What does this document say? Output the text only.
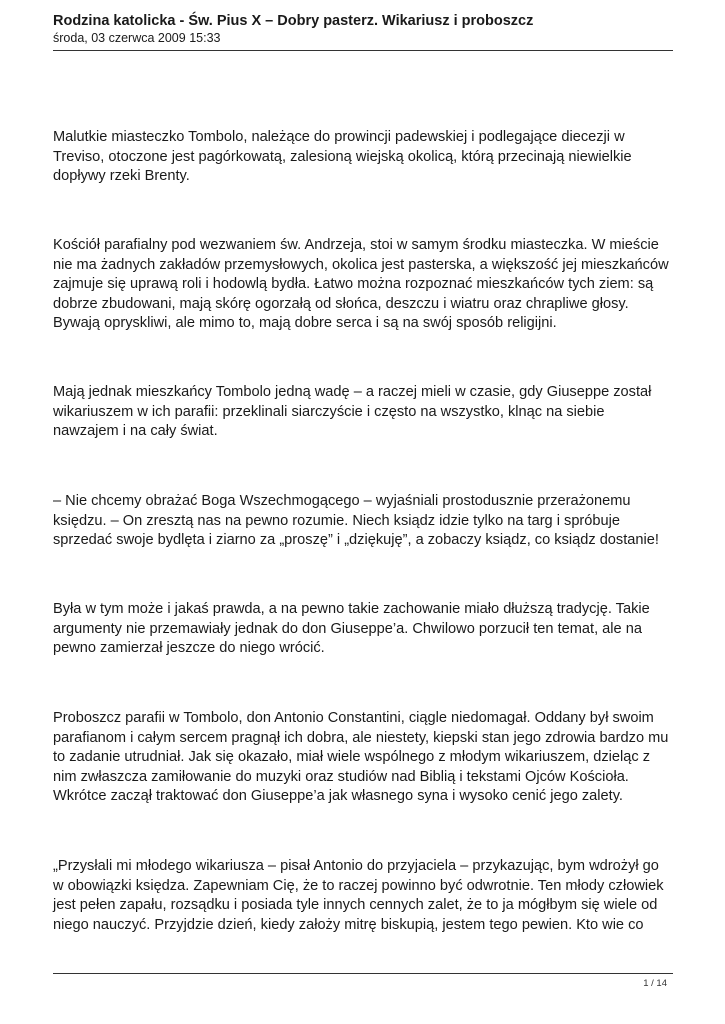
Rodzina katolicka - Św. Pius X – Dobry pasterz. Wikariusz i proboszcz

środa, 03 czerwca 2009 15:33

Malutkie miasteczko Tombolo, należące do prowincji padewskiej i podlegające diecezji w
Treviso, otoczone jest pagórkowatą, zalesioną wiejską okolicą, którą przecinają niewielkie
dopływy rzeki Brenty.

Kościół parafialny pod wezwaniem św. Andrzeja, stoi w samym środku miasteczka. W mieście
nie ma żadnych zakładów przemysłowych, okolica jest pasterska, a większość jej mieszkańców
zajmuje się uprawą roli i hodowlą bydła. Łatwo można rozpoznać mieszkańców tych ziem: są
dobrze zbudowani, mają skórę ogorzałą od słońca, deszczu i wiatru oraz chrapliwe głosy.
Bywają opryskliwi, ale mimo to, mają dobre serca i są na swój sposób religijni.

Mają jednak mieszkańcy Tombolo jedną wadę – a raczej mieli w czasie, gdy Giuseppe został
wikariuszem w ich parafii: przeklinali siarczyście i często na wszystko, klnąc na siebie
nawzajem i na cały świat.

– Nie chcemy obrażać Boga Wszechmogącego – wyjaśniali prostodusznie przerażonemu
księdzu. – On zresztą nas na pewno rozumie. Niech ksiądz idzie tylko na targ i spróbuje
sprzedać swoje bydlęta i ziarno za „proszę” i „dziękuję”, a zobaczy ksiądz, co ksiądz dostanie!

Była w tym może i jakaś prawda, a na pewno takie zachowanie miało dłuższą tradycję. Takie
argumenty nie przemawiały jednak do don Giuseppe’a. Chwilowo porzucił ten temat, ale na
pewno zamierzał jeszcze do niego wrócić.

Proboszcz parafii w Tombolo, don Antonio Constantini, ciągle niedomagał. Oddany był swoim
parafianom i całym sercem pragnął ich dobra, ale niestety, kiepski stan jego zdrowia bardzo mu
to zadanie utrudniał. Jak się okazało, miał wiele wspólnego z młodym wikariuszem, dzieląc z
nim zwłaszcza zamiłowanie do muzyki oraz studiów nad Biblią i tekstami Ojców Kościoła.
Wkrótce zaczął traktować don Giuseppe’a jak własnego syna i wysoko cenić jego zalety.

„Przysłali mi młodego wikariusza – pisał Antonio do przyjaciela – przykazując, bym wdrożył go
w obowiązki księdza. Zapewniam Cię, że to raczej powinno być odwrotnie. Ten młody człowiek
jest pełen zapału, rozsądku i posiada tyle innych cennych zalet, że to ja mógłbym się wiele od
niego nauczyć. Przyjdzie dzień, kiedy założy mitrę biskupią, jestem tego pewien. Kto wie co

1 / 14
